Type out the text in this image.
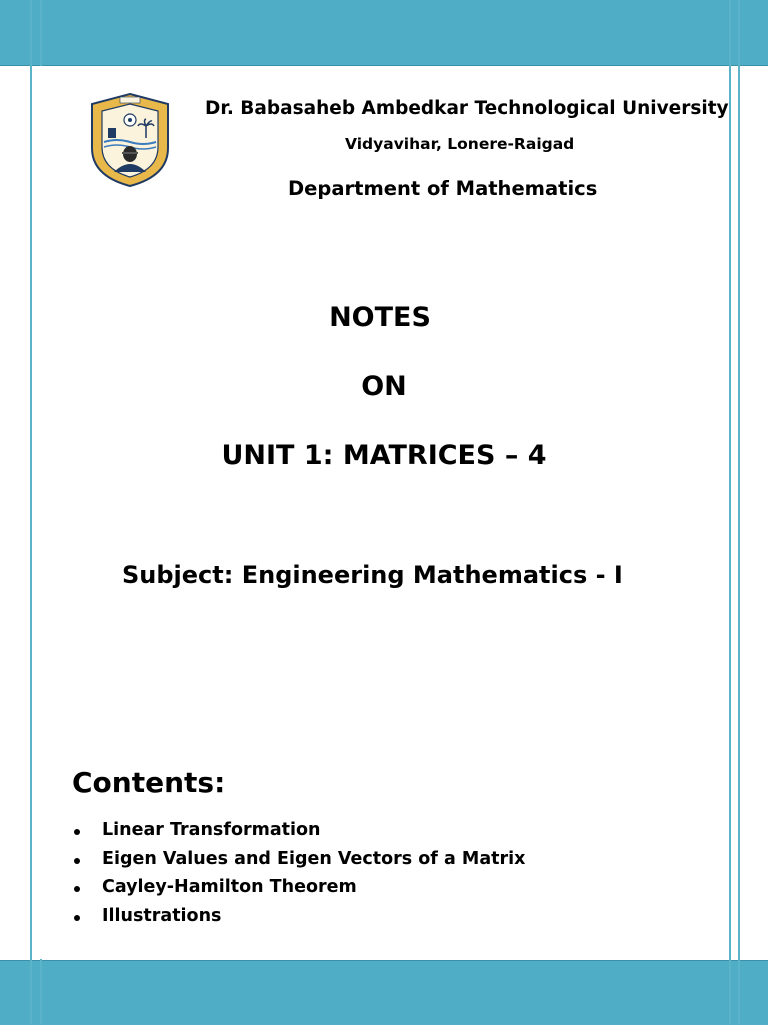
Dr. Babasaheb Ambedkar Technological University
Vidyavihar, Lonere-Raigad
Department of Mathematics
NOTES
ON
UNIT 1: MATRICES – 4
Subject: Engineering Mathematics - I
Contents:
Linear Transformation
Eigen Values and Eigen Vectors of a Matrix
Cayley-Hamilton Theorem
Illustrations
